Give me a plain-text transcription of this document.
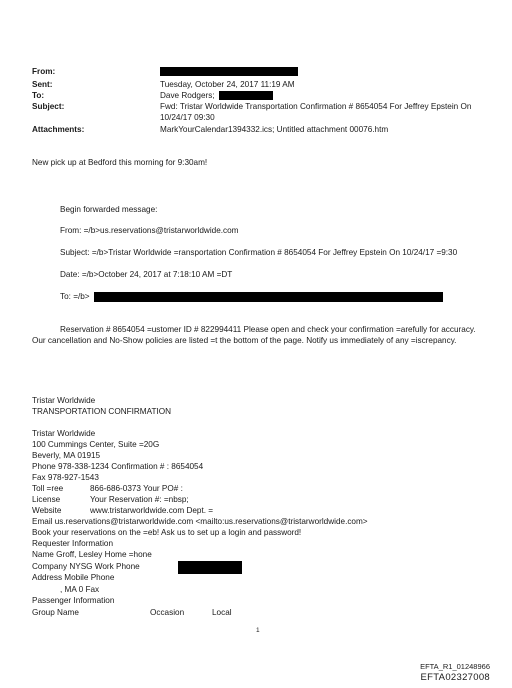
From:
Sent:	Tuesday, October 24, 2017 11:19 AM
To:	Dave Rodgers;
Subject:	Fwd: Tristar Worldwide Transportation Confirmation # 8654054 For Jeffrey Epstein On
10/24/17 09:30
Attachments:	MarkYourCalendar1394332.ics; Untitled attachment 00076.htm
New pick up at Bedford this morning for 9:30am!
Begin forwarded message:
From: =/b>us.reservations@tristarworldwide.com
Subject: =/b>Tristar Worldwide =ransportation Confirmation # 8654054 For Jeffrey Epstein On 10/24/17 =9:30
Date: =/b>October 24, 2017 at 7:18:10 AM =DT
To: =/b>
Reservation # 8654054 =ustomer ID # 822994411 Please open and check your confirmation =arefully for accuracy. Our cancellation and No-Show policies are listed =t the bottom of the page. Notify us immediately of any =iscrepancy.
Tristar Worldwide
TRANSPORTATION CONFIRMATION
Tristar Worldwide
100 Cummings Center, Suite =20G
Beverly, MA 01915
Phone 978-338-1234 Confirmation # : 8654054
Fax 978-927-1543
Toll =ree	866-686-0373 Your PO# :
License	Your Reservation #: =nbsp;
Website	www.tristarworldwide.com Dept. =
Email us.reservations@tristarworldwide.com <mailto:us.reservations@tristarworldwide.com>
Book your reservations on the =eb! Ask us to set up a login and password!
Requester Information
Name Groff, Lesley Home =hone
Company NYSG Work Phone
Address Mobile Phone
, MA 0 Fax
Passenger Information
Group Name	Occasion	Local
1
EFTA_R1_01248966
EFTA02327008
